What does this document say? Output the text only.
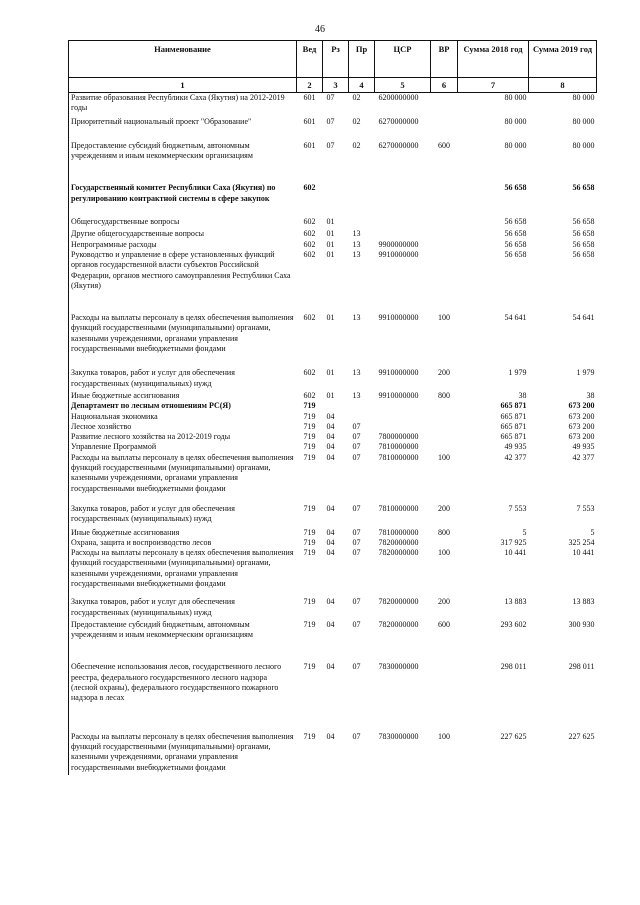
46
Наименование	Вед	Рз	Пр	ЦСР	ВР	Сумма 2018 год	Сумма 2019 год
1	2	3	4	5	6	7	8
Развитие образования Республики Саха (Якутия) на 2012-2019 годы	601	07	02	6200000000		80 000	80 000
Приоритетный национальный проект "Образование"	601	07	02	6270000000		80 000	80 000
Предоставление субсидий бюджетным, автономным учреждениям и иным некоммерческим организациям	601	07	02	6270000000	600	80 000	80 000
Государственный комитет Республики Саха (Якутия) по регулированию контрактной системы в сфере закупок	602					56 658	56 658
Общегосударственные вопросы	602	01				56 658	56 658
Другие общегосударственные вопросы	602	01	13			56 658	56 658
Непрограммные расходы	602	01	13	9900000000		56 658	56 658
Руководство и управление в сфере установленных функций органов государственной власти субъектов Российской Федерации, органов местного самоуправления Республики Саха (Якутия)	602	01	13	9910000000		56 658	56 658
Расходы на выплаты персоналу в целях обеспечения выполнения функций государственными (муниципальными) органами, казенными учреждениями, органами управления государственными внебюджетными фондами	602	01	13	9910000000	100	54 641	54 641
Закупка товаров, работ и услуг для обеспечения государственных (муниципальных) нужд	602	01	13	9910000000	200	1 979	1 979
Иные бюджетные ассигнования	602	01	13	9910000000	800	38	38
Департамент по лесным отношениям РС(Я)	719					665 871	673 200
Национальная экономика	719	04				665 871	673 200
Лесное хозяйство	719	04	07			665 871	673 200
Развитие лесного хозяйства на 2012-2019 годы	719	04	07	7800000000		665 871	673 200
Управление Программой	719	04	07	7810000000		49 935	49 935
Расходы на выплаты персоналу в целях обеспечения выполнения функций государственными (муниципальными) органами, казенными учреждениями, органами управления государственными внебюджетными фондами	719	04	07	7810000000	100	42 377	42 377
Закупка товаров, работ и услуг для обеспечения государственных (муниципальных) нужд	719	04	07	7810000000	200	7 553	7 553
Иные бюджетные ассигнования	719	04	07	7810000000	800	5	5
Охрана, защита и воспроизводство лесов	719	04	07	7820000000		317 925	325 254
Расходы на выплаты персоналу в целях обеспечения выполнения функций государственными (муниципальными) органами, казенными учреждениями, органами управления государственными внебюджетными фондами	719	04	07	7820000000	100	10 441	10 441
Закупка товаров, работ и услуг для обеспечения государственных (муниципальных) нужд	719	04	07	7820000000	200	13 883	13 883
Предоставление субсидий бюджетным, автономным учреждениям и иным некоммерческим организациям	719	04	07	7820000000	600	293 602	300 930
Обеспечение использования лесов, государственного лесного реестра, федерального государственного лесного надзора (лесной охраны), федерального государственного пожарного надзора в лесах	719	04	07	7830000000		298 011	298 011
Расходы на выплаты персоналу в целях обеспечения выполнения функций государственными (муниципальными) органами, казенными учреждениями, органами управления государственными внебюджетными фондами	719	04	07	7830000000	100	227 625	227 625
